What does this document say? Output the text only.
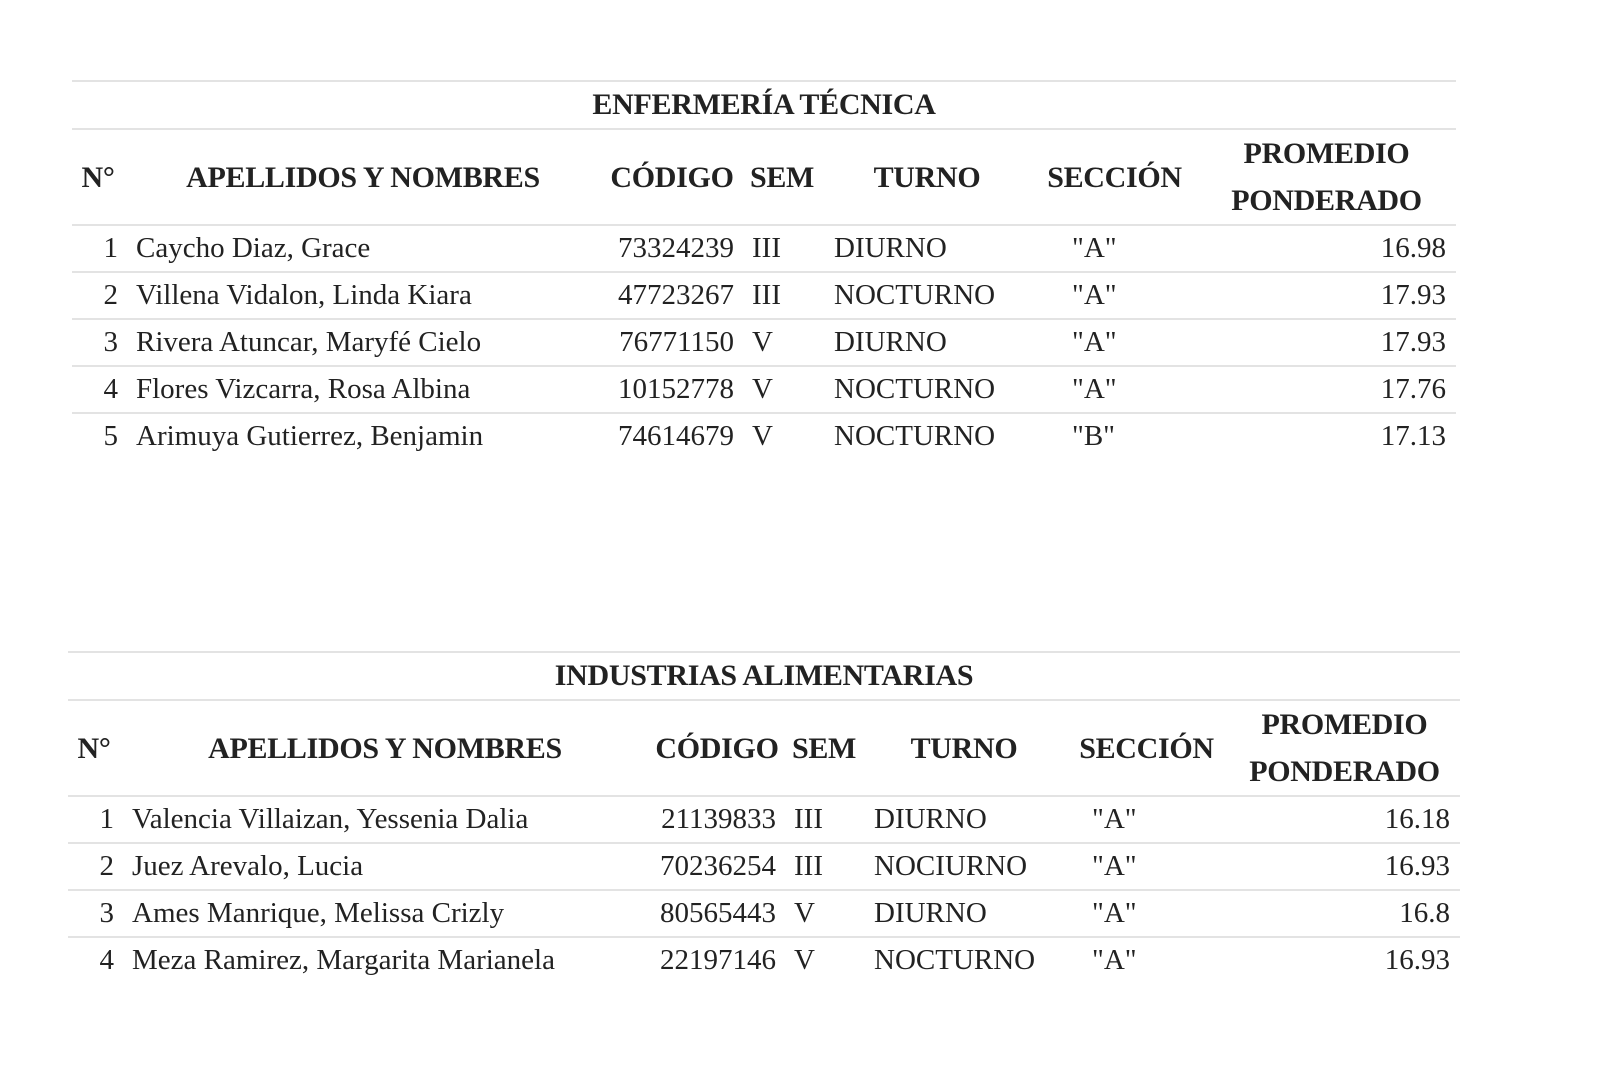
ENFERMERÍA TÉCNICA						
N°	APELLIDOS Y NOMBRES	CÓDIGO	SEM	TURNO	SECCIÓN	PROMEDIO
PONDERADO

1	Caycho Diaz, Grace	73324239	III	DIURNO	"A"	16.98
2	Villena Vidalon, Linda Kiara	47723267	III	NOCTURNO	"A"	17.93
3	Rivera Atuncar, Maryfé Cielo	76771150	V	DIURNO	"A"	17.93
4	Flores Vizcarra, Rosa Albina	10152778	V	NOCTURNO	"A"	17.76
5	Arimuya Gutierrez, Benjamin	74614679	V	NOCTURNO	"B"	17.13
INDUSTRIAS ALIMENTARIAS						
N°	APELLIDOS Y NOMBRES	CÓDIGO	SEM	TURNO	SECCIÓN	PROMEDIO
PONDERADO

1	Valencia Villaizan, Yessenia Dalia	21139833	III	DIURNO	"A"	16.18
2	Juez Arevalo, Lucia	70236254	III	NOCIURNO	"A"	16.93
3	Ames Manrique, Melissa Crizly	80565443	V	DIURNO	"A"	16.8
4	Meza Ramirez, Margarita Marianela	22197146	V	NOCTURNO	"A"	16.93
